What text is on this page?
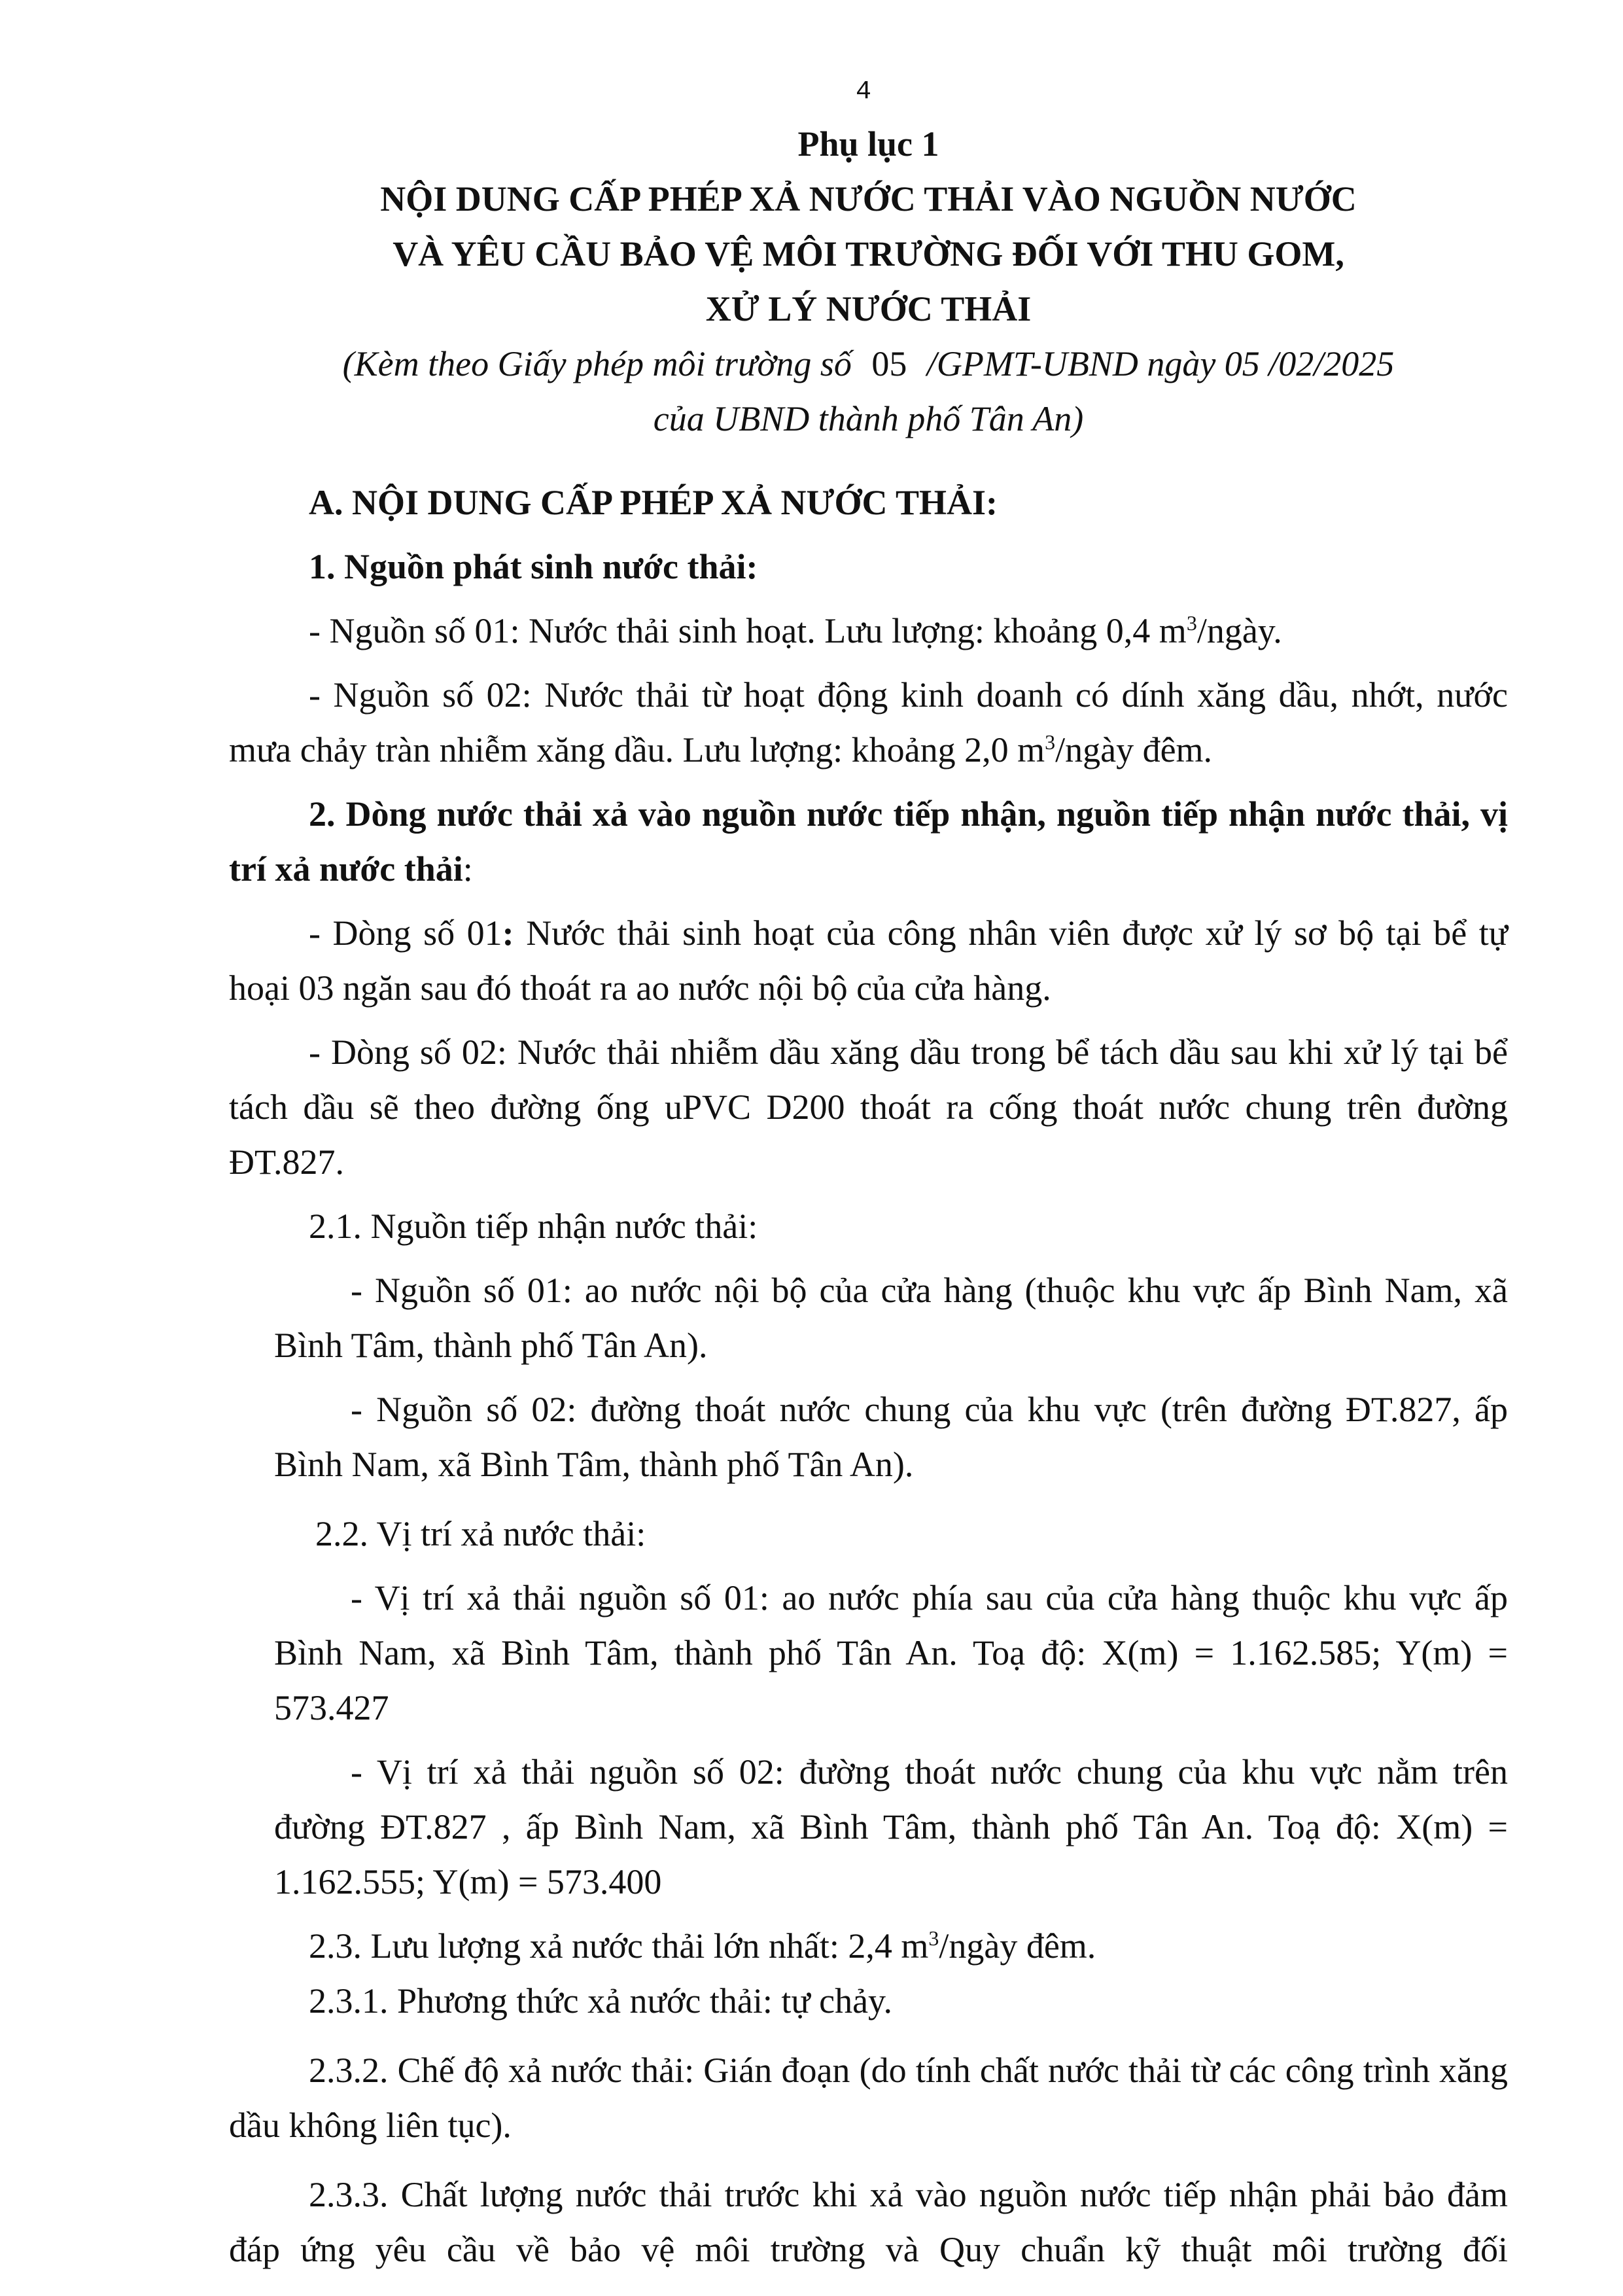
4
Phụ lục 1
NỘI DUNG CẤP PHÉP XẢ NƯỚC THẢI VÀO NGUỒN NƯỚC
VÀ YÊU CẦU BẢO VỆ MÔI TRƯỜNG ĐỐI VỚI THU GOM,
XỬ LÝ NƯỚC THẢI
(Kèm theo Giấy phép môi trường số 05 /GPMT-UBND ngày 05 /02/2025
của UBND thành phố Tân An)

A. NỘI DUNG CẤP PHÉP XẢ NƯỚC THẢI:

1. Nguồn phát sinh nước thải:

- Nguồn số 01: Nước thải sinh hoạt. Lưu lượng: khoảng 0,4 $m^3$/ngày.

- Nguồn số 02: Nước thải từ hoạt động kinh doanh có dính xăng dầu, nhớt, nước mưa chảy tràn nhiễm xăng dầu. Lưu lượng: khoảng 2,0 $m^3$/ngày đêm.

2. Dòng nước thải xả vào nguồn nước tiếp nhận, nguồn tiếp nhận nước thải, vị trí xả nước thải:

- Dòng số 01: Nước thải sinh hoạt của công nhân viên được xử lý sơ bộ tại bể tự hoại 03 ngăn sau đó thoát ra ao nước nội bộ của cửa hàng.

- Dòng số 02: Nước thải nhiễm dầu xăng dầu trong bể tách dầu sau khi xử lý tại bể tách dầu sẽ theo đường ống uPVC D200 thoát ra cống thoát nước chung trên đường ĐT.827.

2.1. Nguồn tiếp nhận nước thải:

- Nguồn số 01: ao nước nội bộ của cửa hàng (thuộc khu vực ấp Bình Nam, xã Bình Tâm, thành phố Tân An).

- Nguồn số 02: đường thoát nước chung của khu vực (trên đường ĐT.827, ấp Bình Nam, xã Bình Tâm, thành phố Tân An).

2.2. Vị trí xả nước thải:

- Vị trí xả thải nguồn số 01: ao nước phía sau của cửa hàng thuộc khu vực ấp Bình Nam, xã Bình Tâm, thành phố Tân An. Toạ độ: X(m) = 1.162.585; Y(m) = 573.427

- Vị trí xả thải nguồn số 02: đường thoát nước chung của khu vực nằm trên đường ĐT.827 , ấp Bình Nam, xã Bình Tâm, thành phố Tân An. Toạ độ: X(m) = 1.162.555; Y(m) = 573.400

2.3. Lưu lượng xả nước thải lớn nhất: 2,4 $m^3$/ngày đêm.

2.3.1. Phương thức xả nước thải: tự chảy.

2.3.2. Chế độ xả nước thải: Gián đoạn (do tính chất nước thải từ các công trình xăng dầu không liên tục).

2.3.3. Chất lượng nước thải trước khi xả vào nguồn nước tiếp nhận phải bảo đảm đáp ứng yêu cầu về bảo vệ môi trường và Quy chuẩn kỹ thuật môi trường đối
